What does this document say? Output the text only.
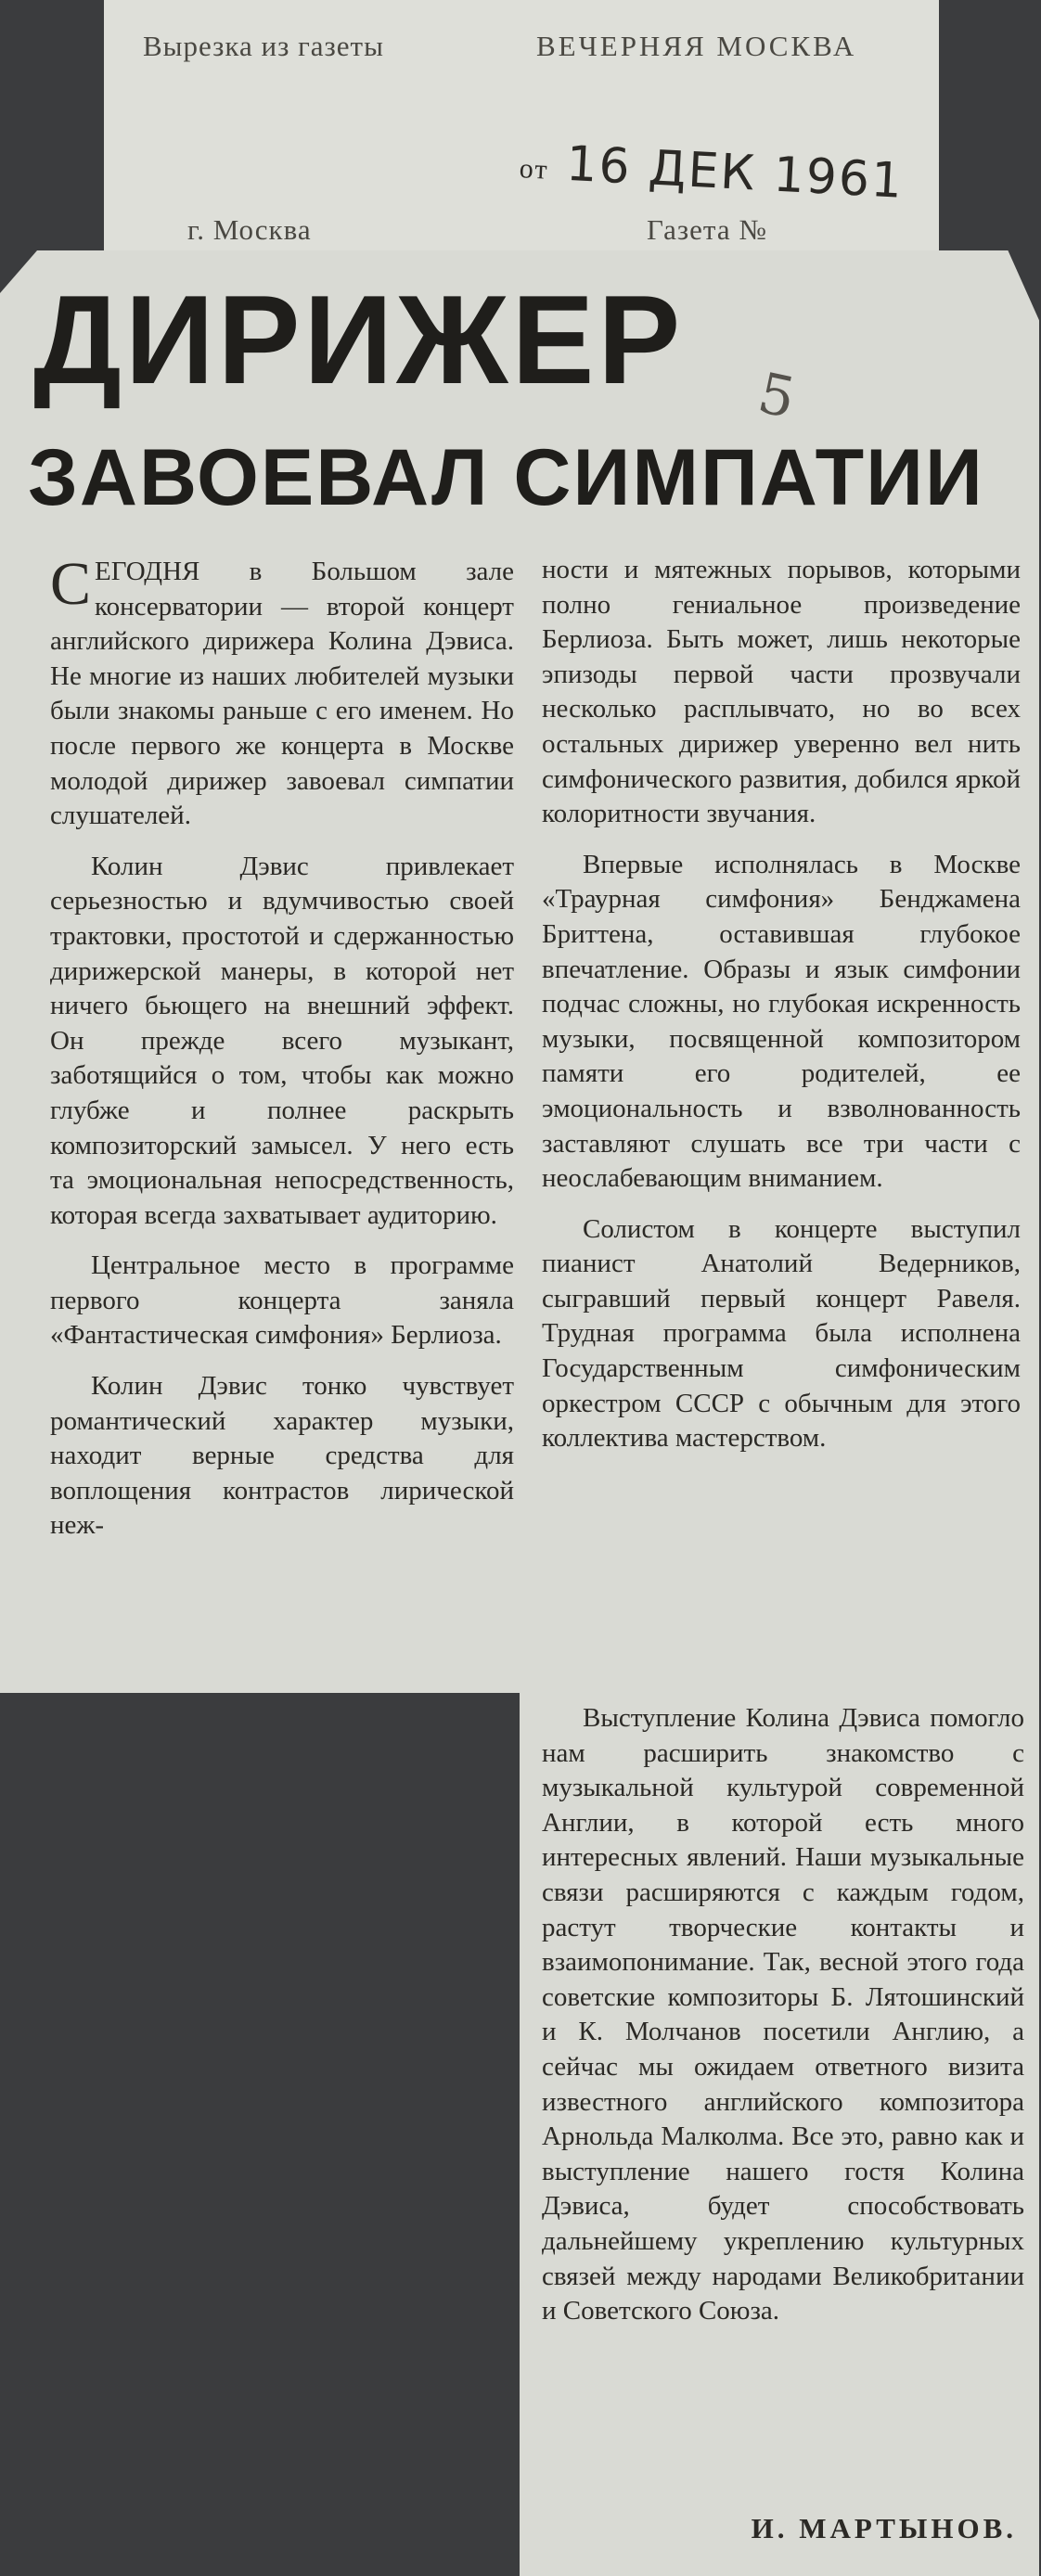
Вырезка из газеты	ВЕЧЕРНЯЯ МОСКВА
г. Москва	Газета №
от 16 ДЕК 1961
ДИРИЖЕР 5
ЗАВОЕВАЛ СИМПАТИИ

СЕГОДНЯ в Большом зале консерватории — второй концерт английского дирижера Колина Дэвиса. Не многие из наших любителей музыки были знакомы раньше с его именем. Но после первого же концерта в Москве молодой дирижер завоевал симпатии слушателей.

Колин Дэвис привлекает серьезностью и вдумчивостью своей трактовки, простотой и сдержанностью дирижерской манеры, в которой нет ничего бьющего на внешний эффект. Он прежде всего музыкант, заботящийся о том, чтобы как можно глубже и полнее раскрыть композиторский замысел. У него есть та эмоциональная непосредственность, которая всегда захватывает аудиторию.

Центральное место в программе первого концерта заняла «Фантастическая симфония» Берлиоза.

Колин Дэвис тонко чувствует романтический характер музыки, находит верные средства для воплощения контрастов лирической неж-

ности и мятежных порывов, которыми полно гениальное произведение Берлиоза. Быть может, лишь некоторые эпизоды первой части прозвучали несколько расплывчато, но во всех остальных дирижер уверенно вел нить симфонического развития, добился яркой колоритности звучания.

Впервые исполнялась в Москве «Траурная симфония» Бенджамена Бриттена, оставившая глубокое впечатление. Образы и язык симфонии подчас сложны, но глубокая искренность музыки, посвященной композитором памяти его родителей, ее эмоциональность и взволнованность заставляют слушать все три части с неослабевающим вниманием.

Солистом в концерте выступил пианист Анатолий Ведерников, сыгравший первый концерт Равеля. Трудная программа была исполнена Государственным симфоническим оркестром СССР с обычным для этого коллектива мастерством.

Выступление Колина Дэвиса помогло нам расширить знакомство с музыкальной культурой современной Англии, в которой есть много интересных явлений. Наши музыкальные связи расширяются с каждым годом, растут творческие контакты и взаимопонимание. Так, весной этого года советские композиторы Б. Лятошинский и К. Молчанов посетили Англию, а сейчас мы ожидаем ответного визита известного английского композитора Арнольда Малколма. Все это, равно как и выступление нашего гостя Колина Дэвиса, будет способствовать дальнейшему укреплению культурных связей между народами Великобритании и Советского Союза.

И. МАРТЫНОВ.
